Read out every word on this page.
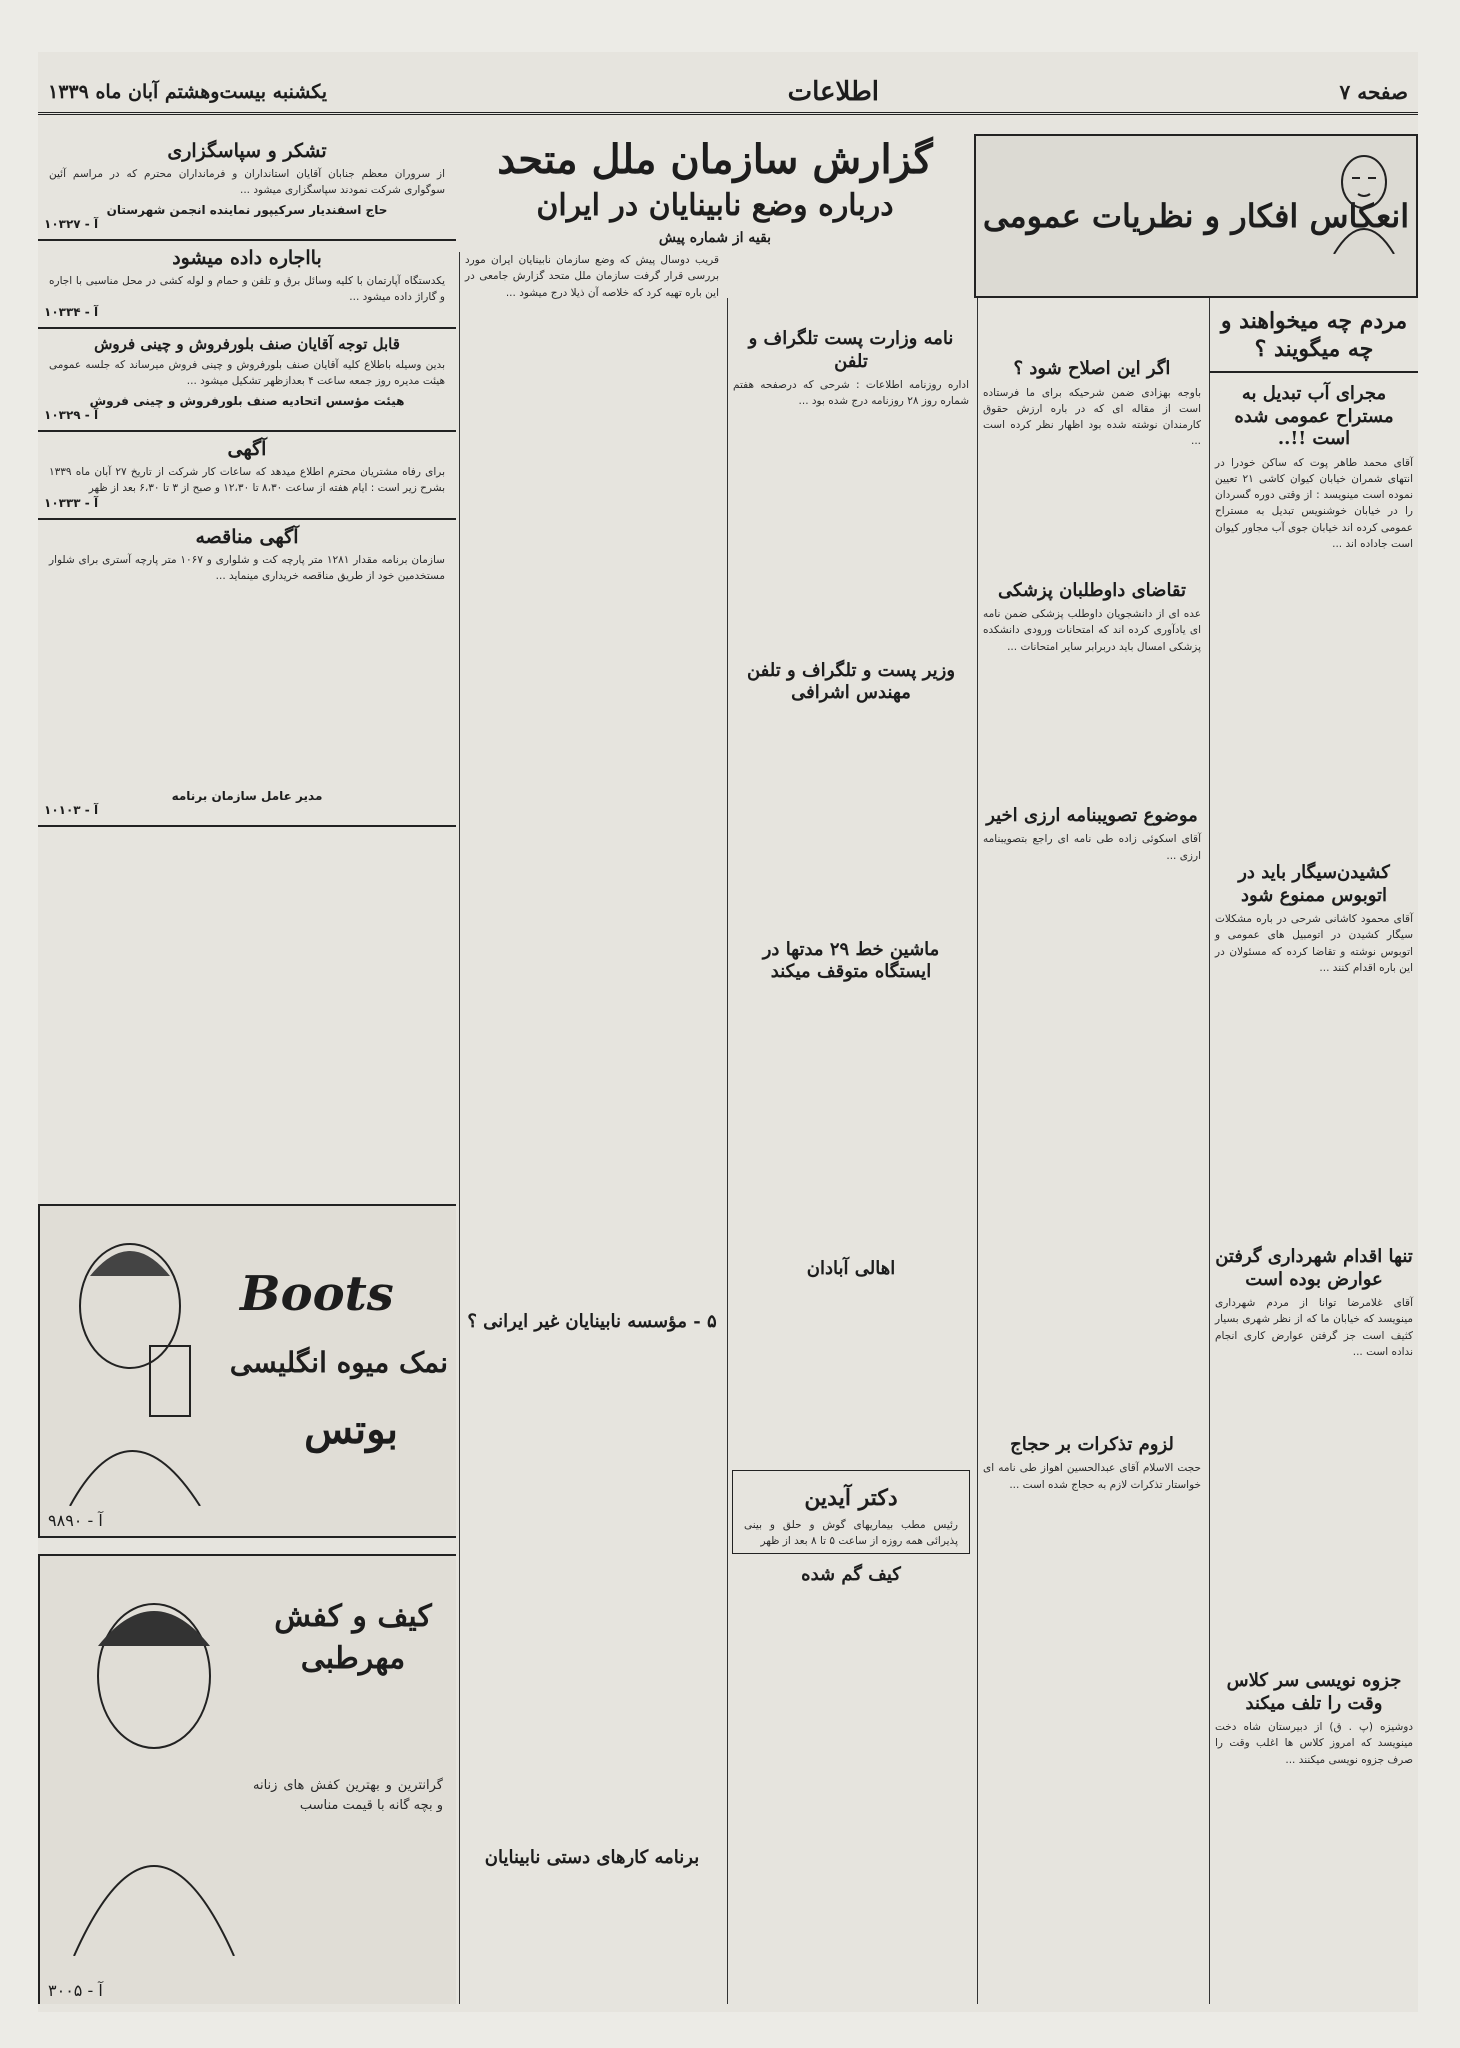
صفحه ۷
اطلاعات
یکشنبه بیست‌وهشتم آبان ماه ۱۳۳۹
انعکاس افکار و نظریات عمومی
مردم چه میخواهند و چه میگویند ؟
مجرای آب تبدیل به مستراح عمومی شده است !!..
آقای محمد طاهر پوت که ساکن خودرا در انتهای شمران خیابان کیوان کاشی ۲۱ تعیین نموده است مینویسد : از وقتی دوره گسردان را در خیابان خوشنویس تبدیل به مستراح عمومی کرده اند خیابان جوی آب مجاور کیوان است جاداده اند ...
کشیدن‌سیگار باید در اتوبوس ممنوع شود
آقای محمود کاشانی شرحی در باره مشکلات سیگار کشیدن در اتومبیل های عمومی و اتوبوس نوشته و تقاضا کرده که مسئولان در این باره اقدام کنند ...
تنها اقدام شهرداری گرفتن عوارض بوده است
آقای غلامرضا توانا از مردم شهرداری مینویسد که خیابان ما که از نظر شهری بسیار کثیف است جز گرفتن عوارض کاری انجام نداده است ...
جزوه نویسی سر کلاس وقت را تلف میکند
دوشیزه (پ . ق) از دبیرستان شاه دخت مینویسد که امروز کلاس ها اغلب وقت را صرف جزوه نویسی میکنند ...
اگر این اصلاح شود ؟
باوجه بهزادی ضمن شرحیکه برای ما فرستاده است از مقاله ای که در باره ارزش حقوق کارمندان نوشته شده بود اظهار نظر کرده است ...
تقاضای داوطلبان پزشکی
عده ای از دانشجویان داوطلب پزشکی ضمن نامه ای یادآوری کرده اند که امتحانات ورودی دانشکده پزشکی امسال باید دربرابر سایر امتحانات ...
موضوع تصویبنامه ارزی اخیر
آقای اسکوئی زاده طی نامه ای راجع بتصویبنامه ارزی ...
لزوم تذکرات بر حجاج
حجت الاسلام آقای عبدالحسین اهواز طی نامه ای خواستار تذکرات لازم به حجاج شده است ...
نامه وزارت پست تلگراف و تلفن
اداره روزنامه اطلاعات : شرحی که درصفحه هفتم شماره روز ۲۸ روزنامه درج شده بود ...
وزیر پست و تلگراف و تلفن مهندس اشرافی
ماشین خط ۲۹ مدتها در ایستگاه متوقف میکند
اهالی آبادان
دکتر آیدین
رئیس مطب بیماریهای گوش و حلق و بینی پذیرائی همه روزه از ساعت ۵ تا ۸ بعد از ظهر
کیف گم شده
گزارش سازمان ملل متحد
درباره وضع نابینایان در ایران
بقیه از شماره پیش
قریب دوسال پیش که وضع سازمان نابینایان ایران مورد بررسی قرار گرفت سازمان ملل متحد گزارش جامعی در این باره تهیه کرد که خلاصه آن ذیلا درج میشود ...
۵ - مؤسسه نابینایان غیر ایرانی ؟
برنامه کارهای دستی نابینایان
تشکر و سپاسگزاری
از سروران معظم جنابان آقایان استانداران و فرمانداران محترم که در مراسم آئین سوگواری شرکت نمودند سپاسگزاری میشود ...
حاج اسفندیار سرکیپور نماینده انجمن شهرستان
آ - ۱۰۳۲۷
بااجاره داده میشود
یکدستگاه آپارتمان با کلیه وسائل برق و تلفن و حمام و لوله کشی در محل مناسبی با اجاره و گاراژ داده میشود ...
آ - ۱۰۳۳۴
قابل توجه آقایان صنف بلورفروش و چینی فروش
بدین وسیله باطلاع کلیه آقایان صنف بلورفروش و چینی فروش میرساند که جلسه عمومی هیئت مدیره روز جمعه ساعت ۴ بعدازظهر تشکیل میشود ...
هیئت مؤسس اتحادیه صنف بلورفروش و چینی فروش
آ - ۱۰۳۲۹
آگهی
برای رفاه مشتریان محترم اطلاع میدهد که ساعات کار شرکت از تاریخ ۲۷ آبان ماه ۱۳۳۹ بشرح زیر است : ایام هفته از ساعت ۸،۳۰ تا ۱۲،۳۰ و صبح از ۳ تا ۶،۳۰ بعد از ظهر
آ - ۱۰۳۳۳
آگهی مناقصه
سازمان برنامه مقدار ۱۲۸۱ متر پارچه کت و شلواری و ۱۰۶۷ متر پارچه آستری برای شلوار مستخدمین خود از طریق مناقصه خریداری مینماید ...
مدیر عامل سازمان برنامه
آ - ۱۰۱۰۳
Boots
نمک میوه انگلیسی
بوتس
آ - ۹۸۹۰
کیف و کفش مهرطبی
گرانترین و بهترین کفش های زنانه و بچه گانه با قیمت مناسب
آ - ۳۰۰۵
